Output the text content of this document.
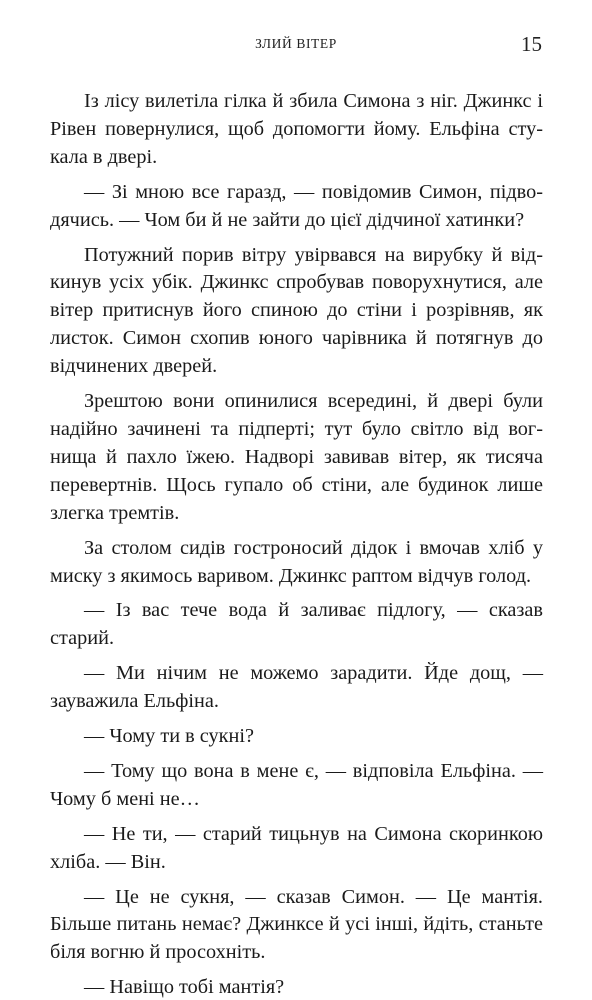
ЗЛИЙ ВІТЕР	15

Із лісу вилетіла гілка й збила Симона з ніг. Джинкс і Рівен повернулися, щоб допомогти йому. Ельфіна стукала в двері.

— Зі мною все гаразд, — повідомив Симон, підводячись. — Чом би й не зайти до цієї дідчиної хатинки?

Потужний порив вітру увірвався на вирубку й відкинув усіх убік. Джинкс спробував поворухнутися, але вітер притиснув його спиною до стіни і розрівняв, як листок. Симон схопив юного чарівника й потягнув до відчинених дверей.

Зрештою вони опинилися всередині, й двері були надійно зачинені та підперті; тут було світло від вогнища й пахло їжею. Надворі завивав вітер, як тисяча перевертнів. Щось гупало об стіни, але будинок лише злегка тремтів.

За столом сидів гостроносий дідок і вмочав хліб у миску з якимось варивом. Джинкс раптом відчув голод.

— Із вас тече вода й заливає підлогу, — сказав старий.

— Ми нічим не можемо зарадити. Йде дощ, — зауважила Ельфіна.

— Чому ти в сукні?

— Тому що вона в мене є, — відповіла Ельфіна. — Чому б мені не…

— Не ти, — старий тицьнув на Симона скоринкою хліба. — Він.

— Це не сукня, — сказав Симон. — Це мантія. Більше питань немає? Джинксе й усі інші, йдіть, станьте біля вогню й просохніть.

— Навіщо тобі мантія?
